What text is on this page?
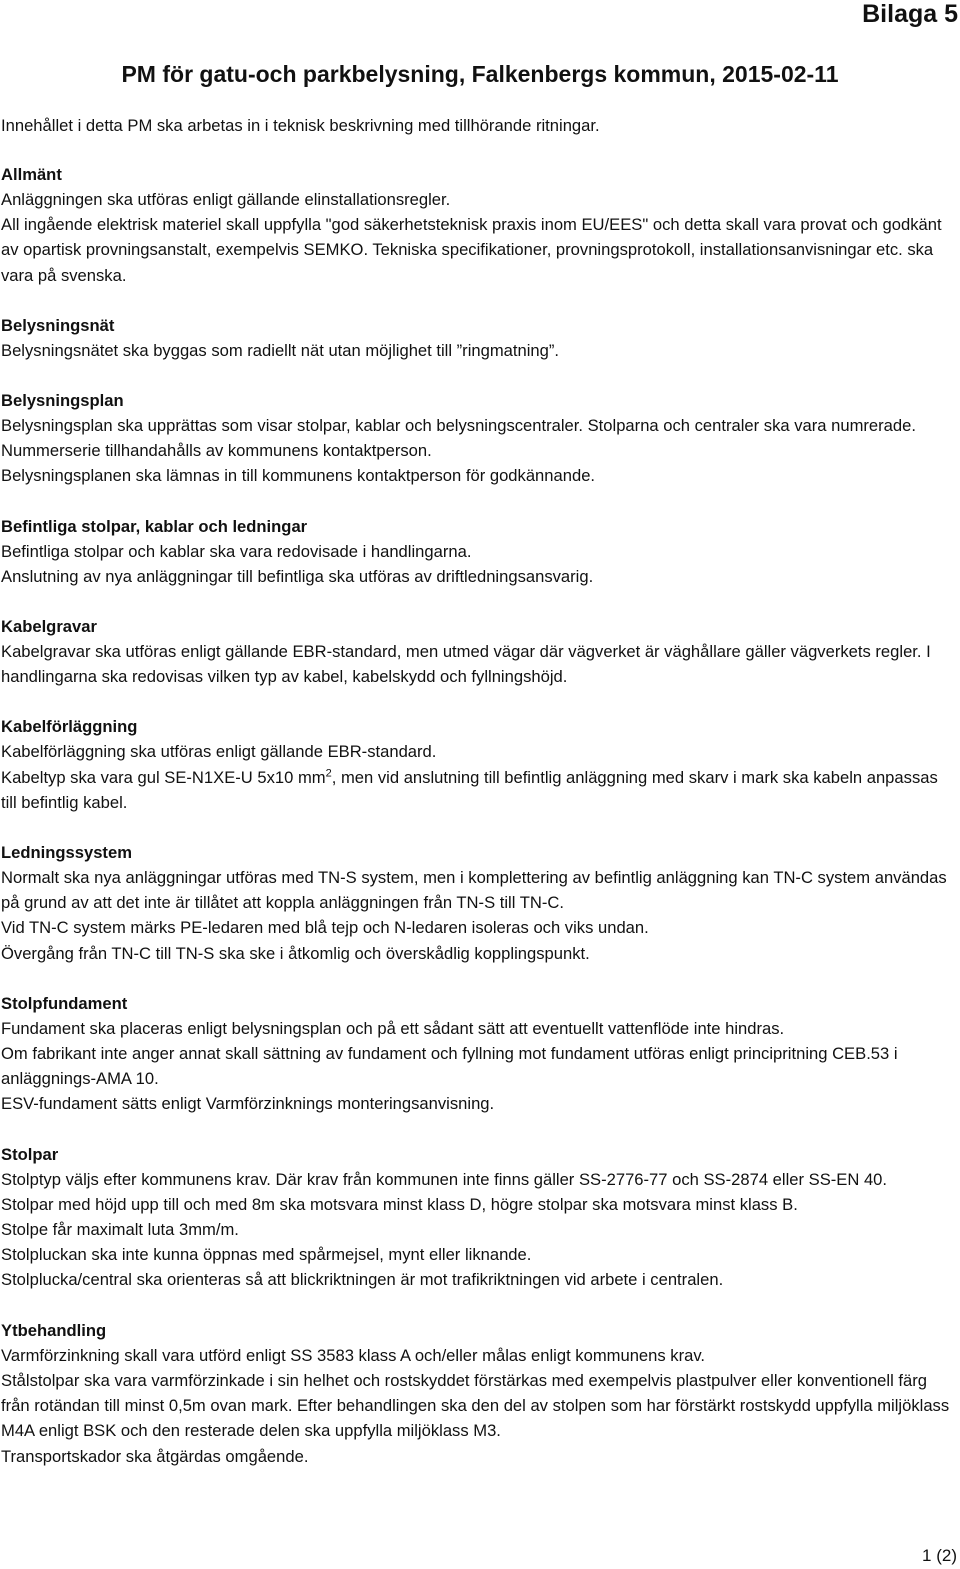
Bilaga 5
PM för gatu-och parkbelysning, Falkenbergs kommun, 2015-02-11

Innehållet i detta PM ska arbetas in i teknisk beskrivning med tillhörande ritningar.

Allmänt

Anläggningen ska utföras enligt gällande elinstallationsregler.

All ingående elektrisk materiel skall uppfylla "god säkerhetsteknisk praxis inom EU/EES" och detta skall vara provat och godkänt av opartisk provningsanstalt, exempelvis SEMKO. Tekniska specifikationer, provningsprotokoll, installationsanvisningar etc. ska vara på svenska.

Belysningsnät

Belysningsnätet ska byggas som radiellt nät utan möjlighet till ”ringmatning”.

Belysningsplan

Belysningsplan ska upprättas som visar stolpar, kablar och belysningscentraler. Stolparna och centraler ska vara numrerade. Nummerserie tillhandahålls av kommunens kontaktperson.

Belysningsplanen ska lämnas in till kommunens kontaktperson för godkännande.

Befintliga stolpar, kablar och ledningar

Befintliga stolpar och kablar ska vara redovisade i handlingarna.

Anslutning av nya anläggningar till befintliga ska utföras av driftledningsansvarig.

Kabelgravar

Kabelgravar ska utföras enligt gällande EBR-standard, men utmed vägar där vägverket är väghållare gäller vägverkets regler. I handlingarna ska redovisas vilken typ av kabel, kabelskydd och fyllningshöjd.

Kabelförläggning

Kabelförläggning ska utföras enligt gällande EBR-standard.

Kabeltyp ska vara gul SE-N1XE-U 5x10 $mm^2$, men vid anslutning till befintlig anläggning med skarv i mark ska kabeln anpassas till befintlig kabel.

Ledningssystem

Normalt ska nya anläggningar utföras med TN-S system, men i komplettering av befintlig anläggning kan TN-C system användas på grund av att det inte är tillåtet att koppla anläggningen från TN-S till TN-C.

Vid TN-C system märks PE-ledaren med blå tejp och N-ledaren isoleras och viks undan.

Övergång från TN-C till TN-S ska ske i åtkomlig och överskådlig kopplingspunkt.

Stolpfundament

Fundament ska placeras enligt belysningsplan och på ett sådant sätt att eventuellt vattenflöde inte hindras.

Om fabrikant inte anger annat skall sättning av fundament och fyllning mot fundament utföras enligt principritning CEB.53 i anläggnings-AMA 10.

ESV-fundament sätts enligt Varmförzinknings monteringsanvisning.

Stolpar

Stolptyp väljs efter kommunens krav. Där krav från kommunen inte finns gäller SS-2776-77 och SS-2874 eller SS-EN 40.

Stolpar med höjd upp till och med 8m ska motsvara minst klass D, högre stolpar ska motsvara minst klass B.

Stolpe får maximalt luta 3mm/m.

Stolpluckan ska inte kunna öppnas med spårmejsel, mynt eller liknande.

Stolplucka/central ska orienteras så att blickriktningen är mot trafikriktningen vid arbete i centralen.

Ytbehandling

Varmförzinkning skall vara utförd enligt SS 3583 klass A och/eller målas enligt kommunens krav.

Stålstolpar ska vara varmförzinkade i sin helhet och rostskyddet förstärkas med exempelvis plastpulver eller konventionell färg från rotändan till minst 0,5m ovan mark. Efter behandlingen ska den del av stolpen som har förstärkt rostskydd uppfylla miljöklass M4A enligt BSK och den resterade delen ska uppfylla miljöklass M3.

Transportskador ska åtgärdas omgående.

1 (2)
